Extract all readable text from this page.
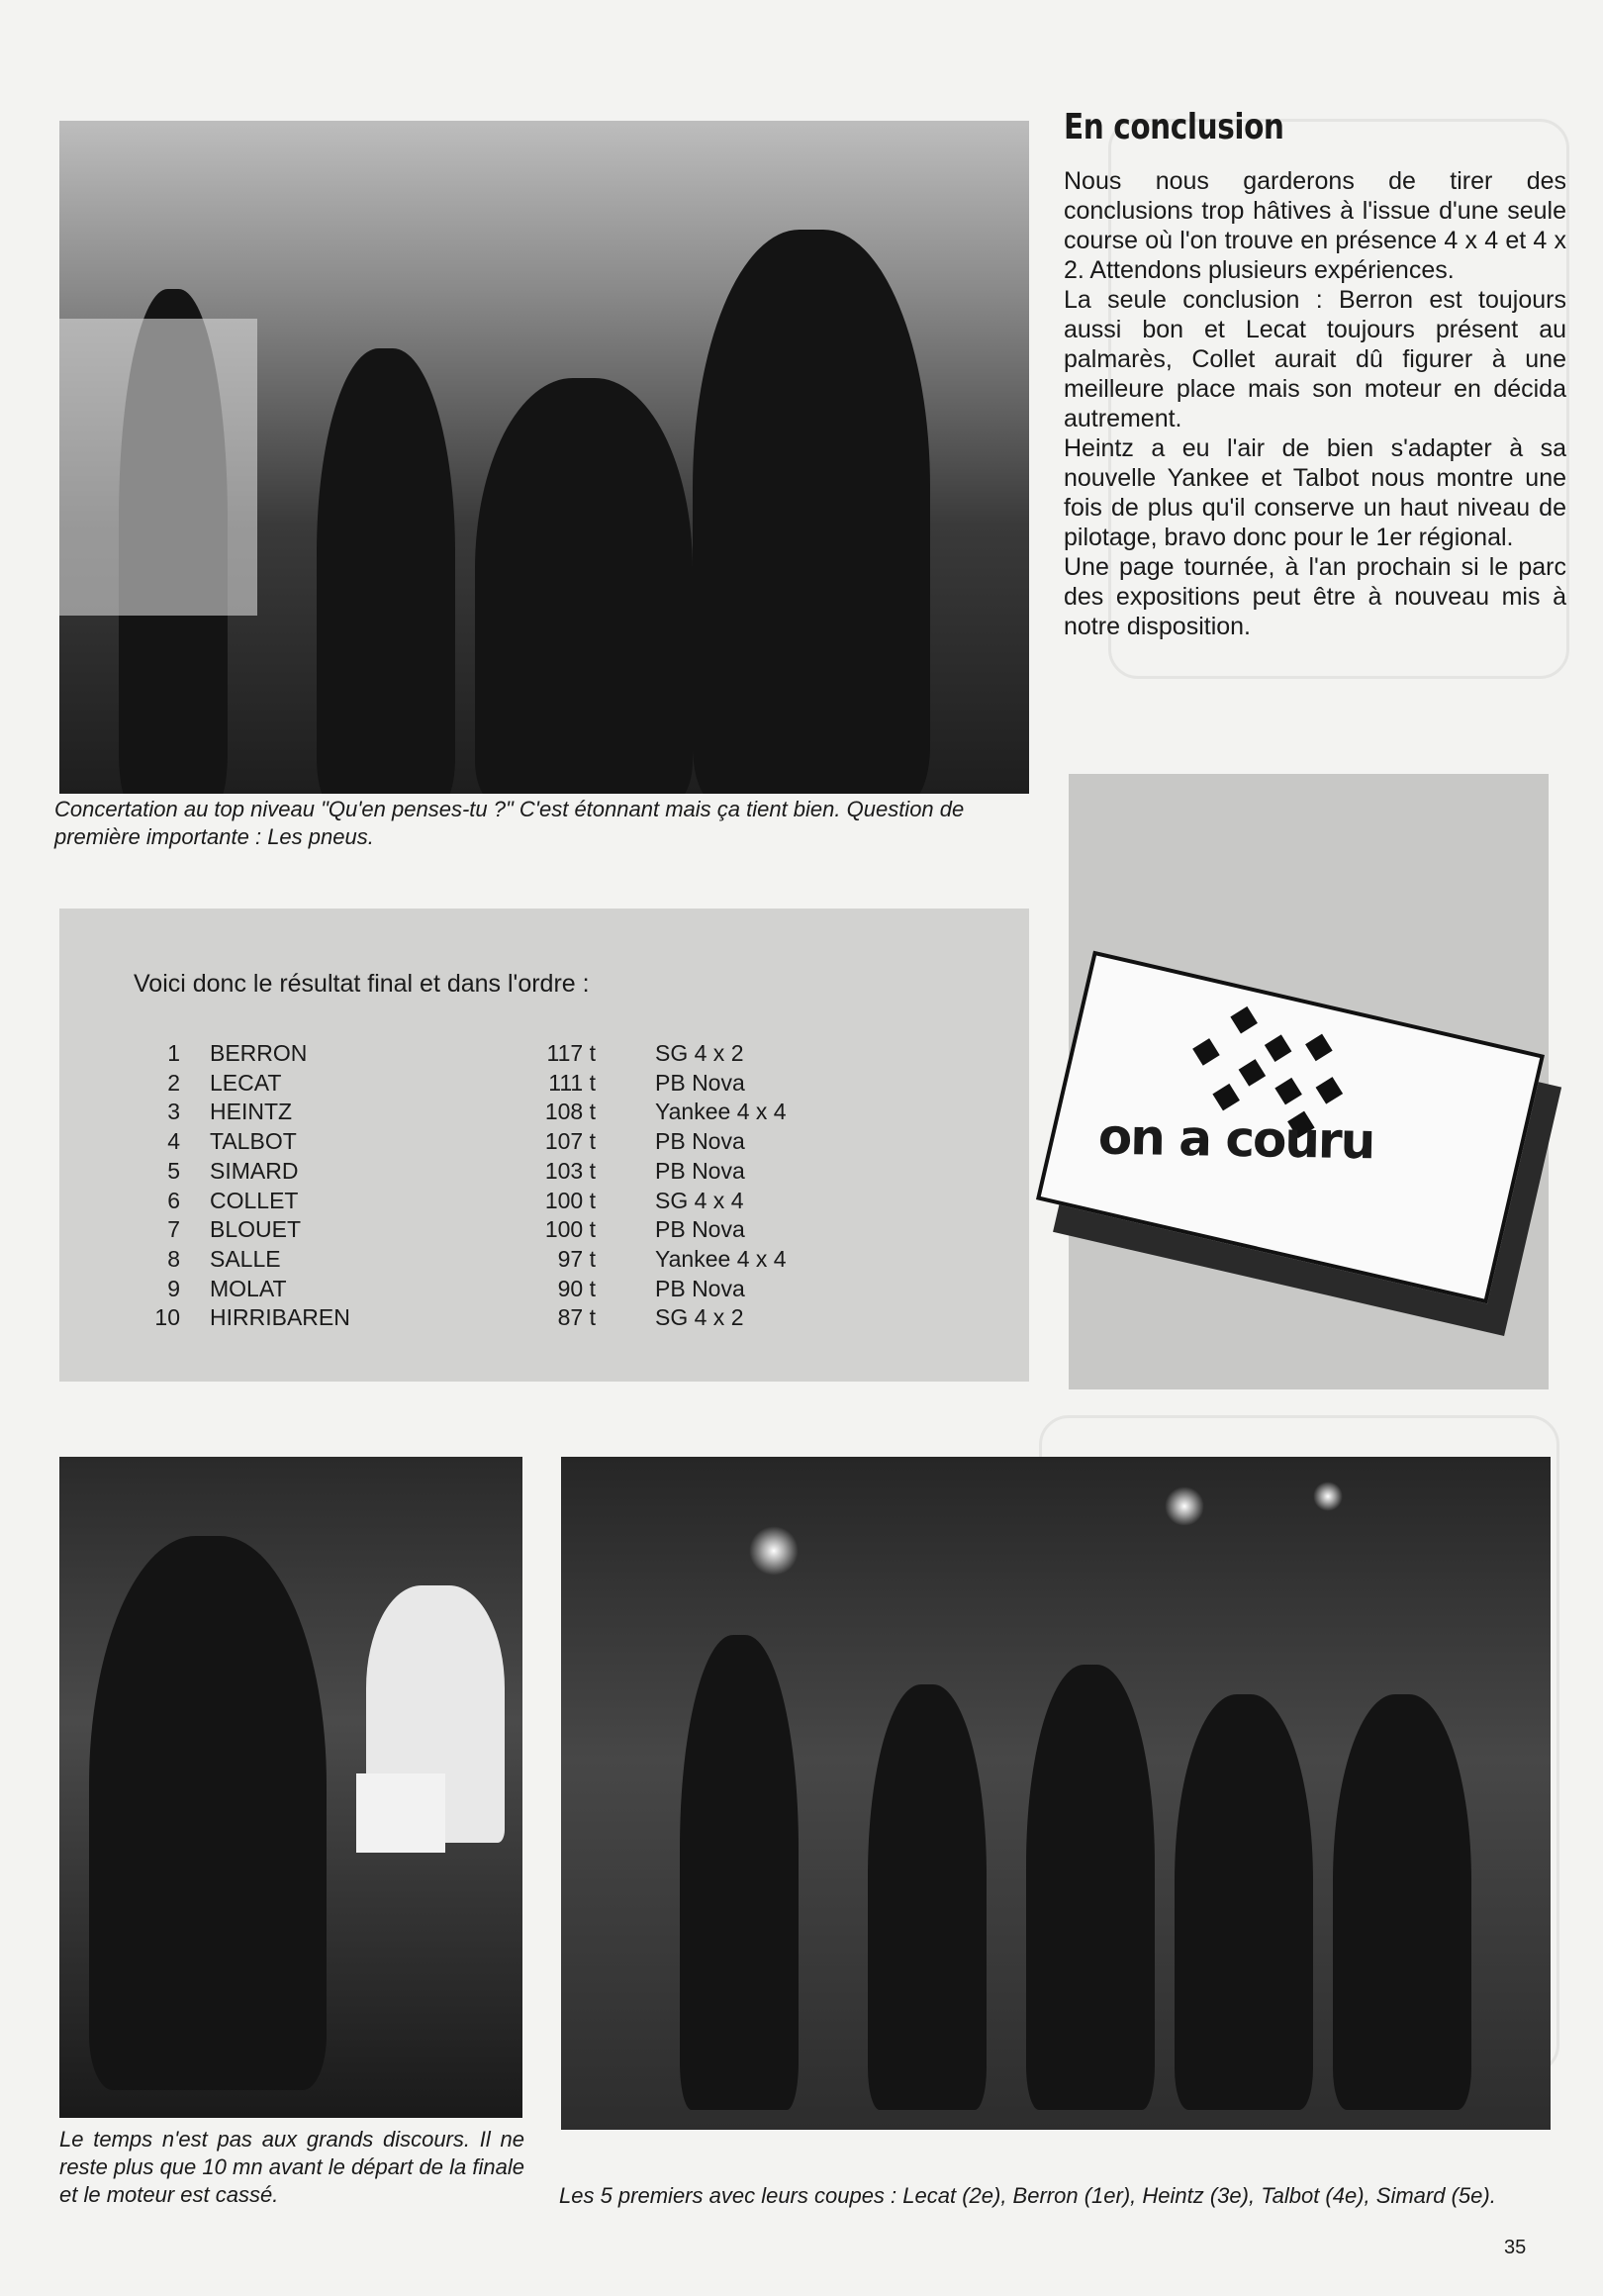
Concertation au top niveau "Qu'en penses-tu ?" C'est étonnant mais ça tient bien. Question de première importante : Les pneus.
En conclusion

Nous nous garderons de tirer des conclusions trop hâtives à l'issue d'une seule course où l'on trouve en présence 4 x 4 et 4 x 2. Attendons plusieurs expériences.

La seule conclusion : Berron est toujours aussi bon et Lecat toujours présent au palmarès, Collet aurait dû figurer à une meilleure place mais son moteur en décida autrement.

Heintz a eu l'air de bien s'adapter à sa nouvelle Yankee et Talbot nous montre une fois de plus qu'il conserve un haut niveau de pilotage, bravo donc pour le 1er régional.

Une page tournée, à l'an prochain si le parc des expositions peut être à nouveau mis à notre disposition.

Voici donc le résultat final et dans l'ordre :
1	BERRON	117 t	SG 4 x 2
2	LECAT	111 t	PB Nova
3	HEINTZ	108 t	Yankee 4 x 4
4	TALBOT	107 t	PB Nova
5	SIMARD	103 t	PB Nova
6	COLLET	100 t	SG 4 x 4
7	BLOUET	100 t	PB Nova
8	SALLE	97 t	Yankee 4 x 4
9	MOLAT	90 t	PB Nova
10	HIRRIBAREN	87 t	SG 4 x 2
on a couru
Le temps n'est pas aux grands discours. Il ne reste plus que 10 mn avant le départ de la finale et le moteur est cassé.	Les 5 premiers avec leurs coupes : Lecat (2e), Berron (1er), Heintz (3e), Talbot (4e), Simard (5e).
35
